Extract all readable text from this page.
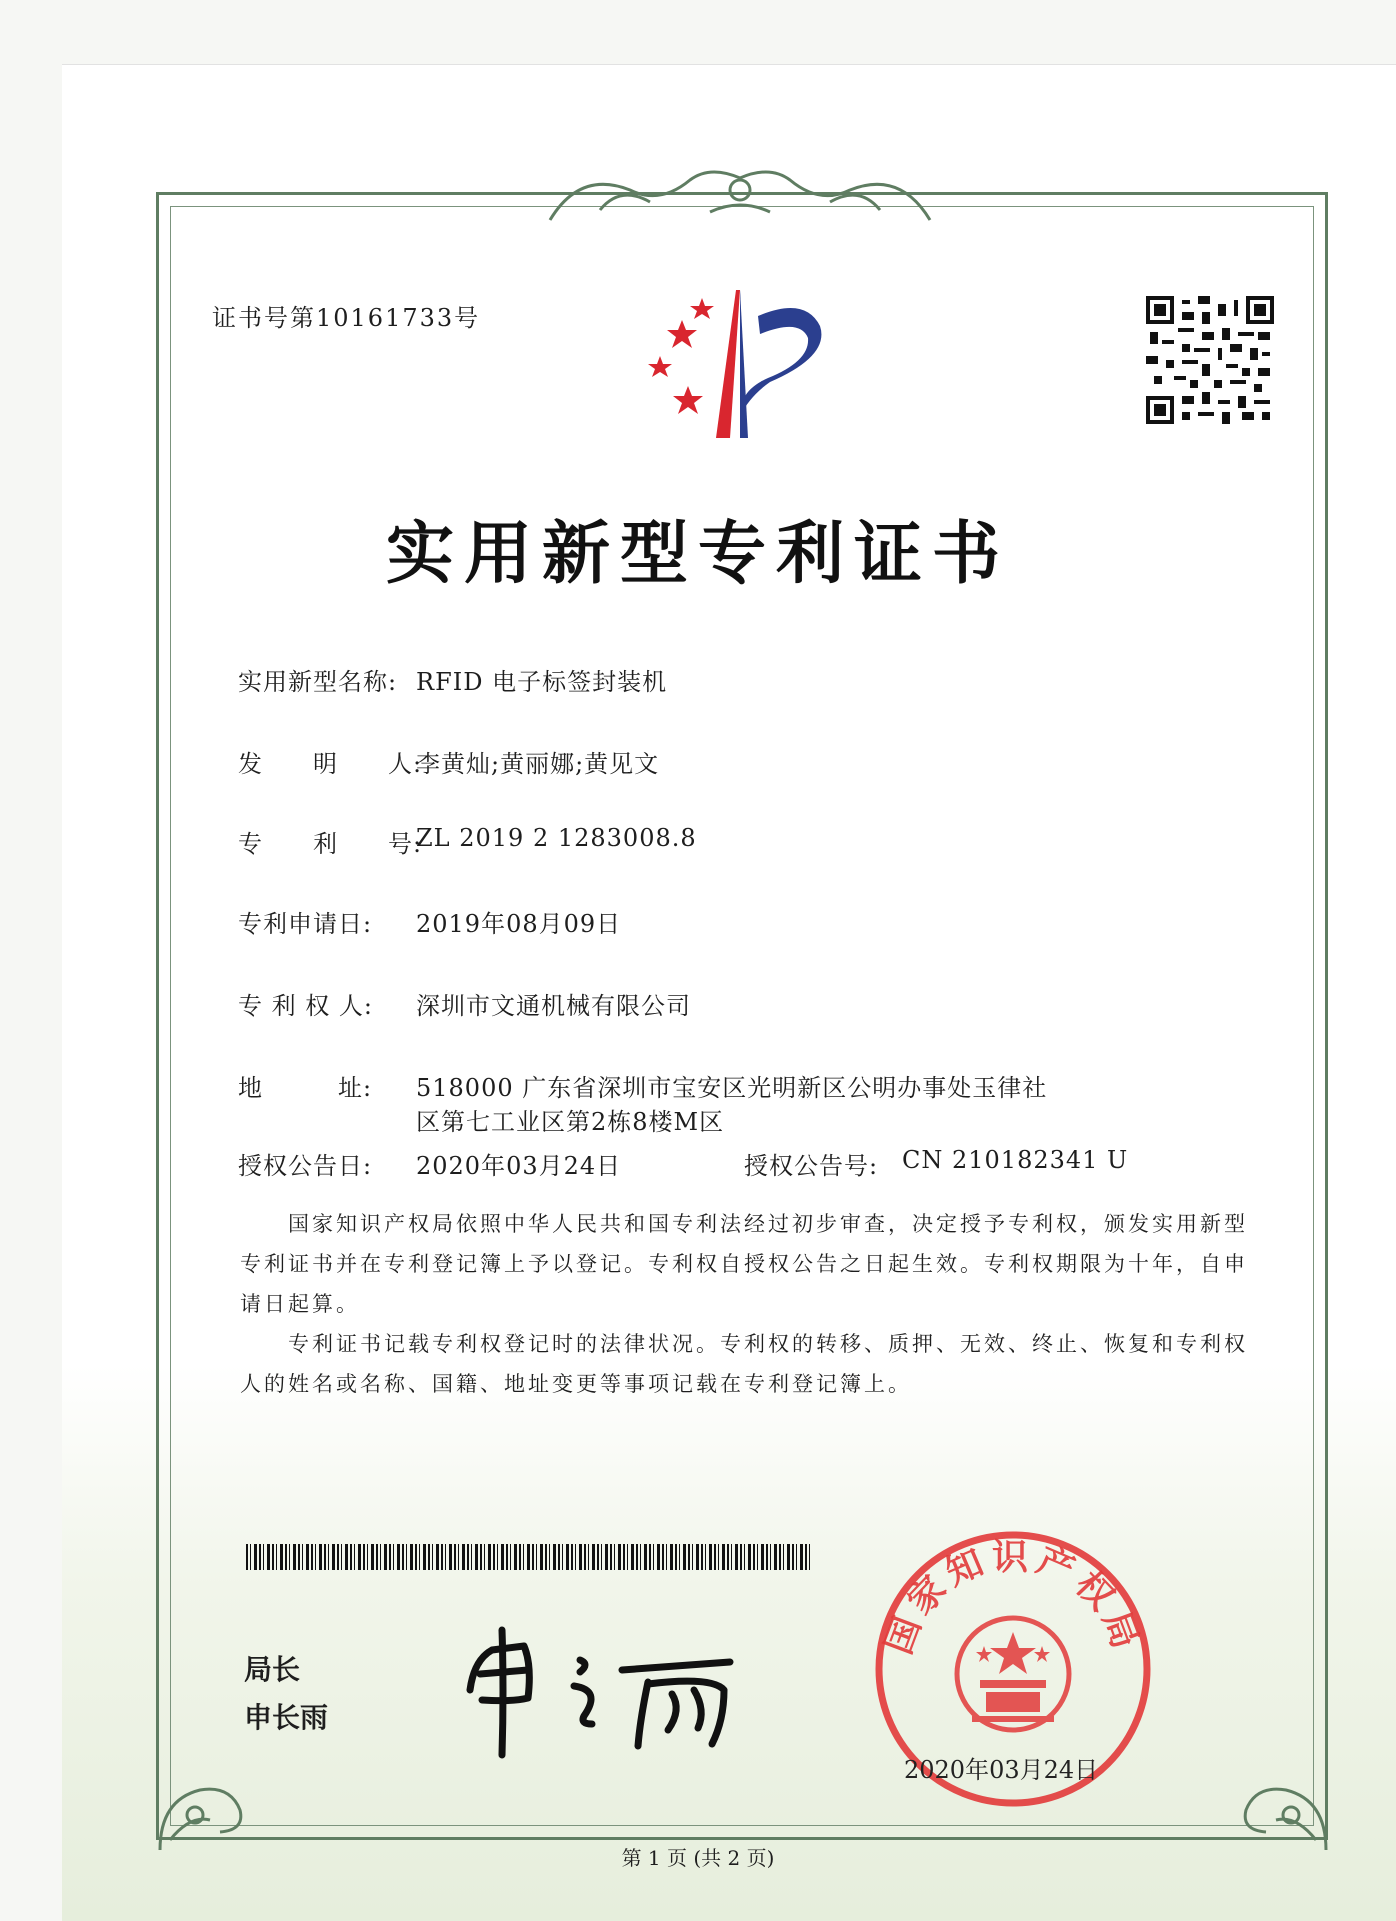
证书号第10161733号
实用新型专利证书
实用新型名称: RFID 电子标签封装机
发　　明　　人:
李黄灿;黄丽娜;黄见文
专　　利　　号:
ZL 2019 2 1283008.8
专利申请日: 2019年08月09日
专 利 权 人: 深圳市文通机械有限公司
地　　　址: 518000 广东省深圳市宝安区光明新区公明办事处玉律社
区第七工业区第2栋8楼M区
授权公告日: 2020年03月24日	授权公告号: CN 210182341 U
国家知识产权局依照中华人民共和国专利法经过初步审查，决定授予专利权，颁发实用新型专利证书并在专利登记簿上予以登记。专利权自授权公告之日起生效。专利权期限为十年，自申请日起算。
专利证书记载专利权登记时的法律状况。专利权的转移、质押、无效、终止、恢复和专利权人的姓名或名称、国籍、地址变更等事项记载在专利登记簿上。
局长
申长雨
国家知识产权局
2020年03月24日
第 1 页 (共 2 页)
